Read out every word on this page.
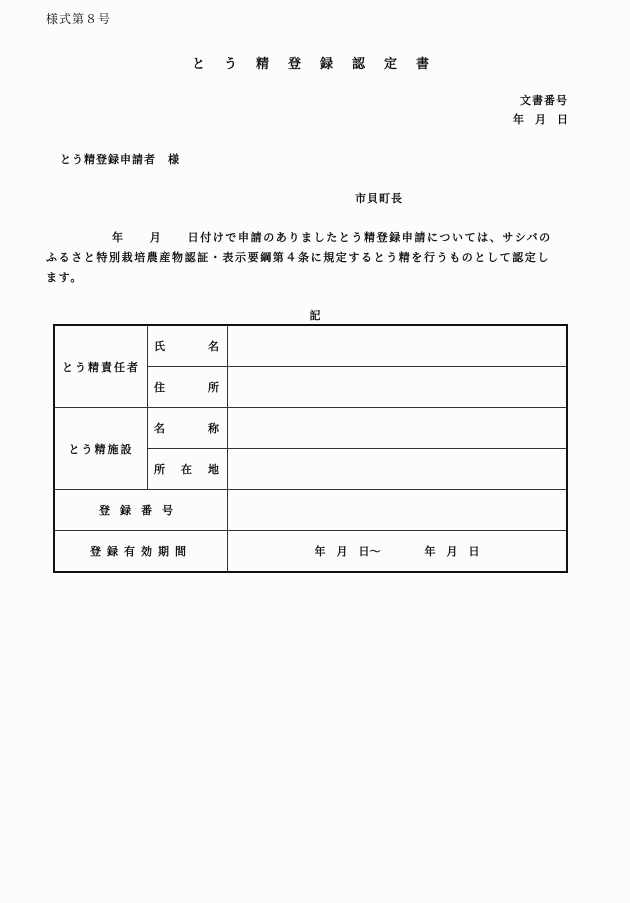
様式第８号
とう精登録認定書
文書番号
年　月　日
とう精登録申請者　様
市貝町長
年　　月　　日付けで申請のありましたとう精登録申請については、サシバの
ふるさと特別栽培農産物認証・表示要綱第４条に規定するとう精を行うものとして認定し
ます。
記
とう精責任者	氏 名	

	住 所	

とう精施設	名 称	

	所 在 地	

登録番号		
登録有効期間		年　月　日～　　　　年　月　日
